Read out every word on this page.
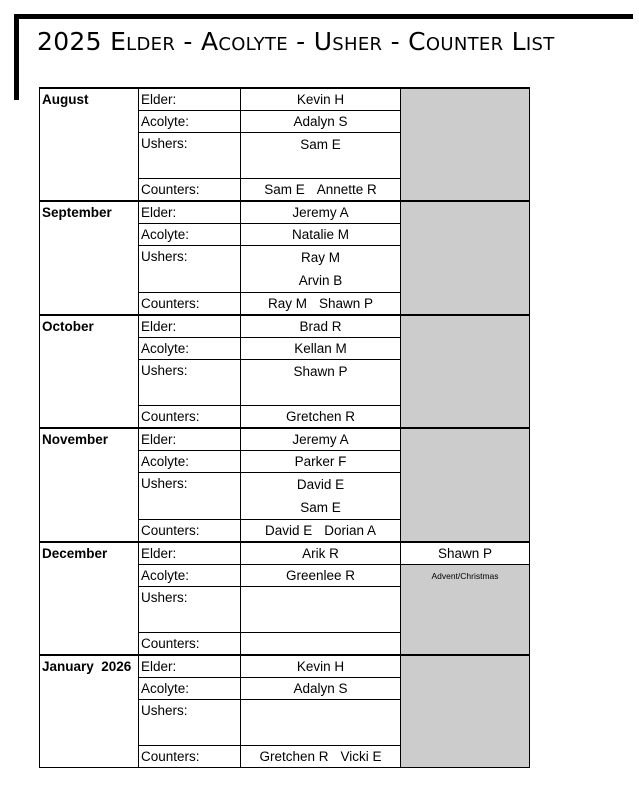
2025 Elder - Acolyte - Usher - Counter List
August	Elder:	Kevin H	
	Acolyte:	Adalyn S	
	Ushers:	Sam E	

	Counters:	Sam E Annette R	
September	Elder:	Jeremy A	
	Acolyte:	Natalie M	
	Ushers:	Ray M
Arvin B	

	Counters:	Ray M Shawn P	
October	Elder:	Brad R	
	Acolyte:	Kellan M	
	Ushers:	Shawn P	

	Counters:	Gretchen R	
November	Elder:	Jeremy A	
	Acolyte:	Parker F	
	Ushers:	David E
Sam E	

	Counters:	David E Dorian A	
December	Elder:	Arik R	Shawn P
	Acolyte:	Greenlee R	Advent/Christmas
	Ushers:		

	Counters:		
January  2026	Elder:	Kevin H	
	Acolyte:	Adalyn S	
	Ushers:		

	Counters:	Gretchen R Vicki E	
